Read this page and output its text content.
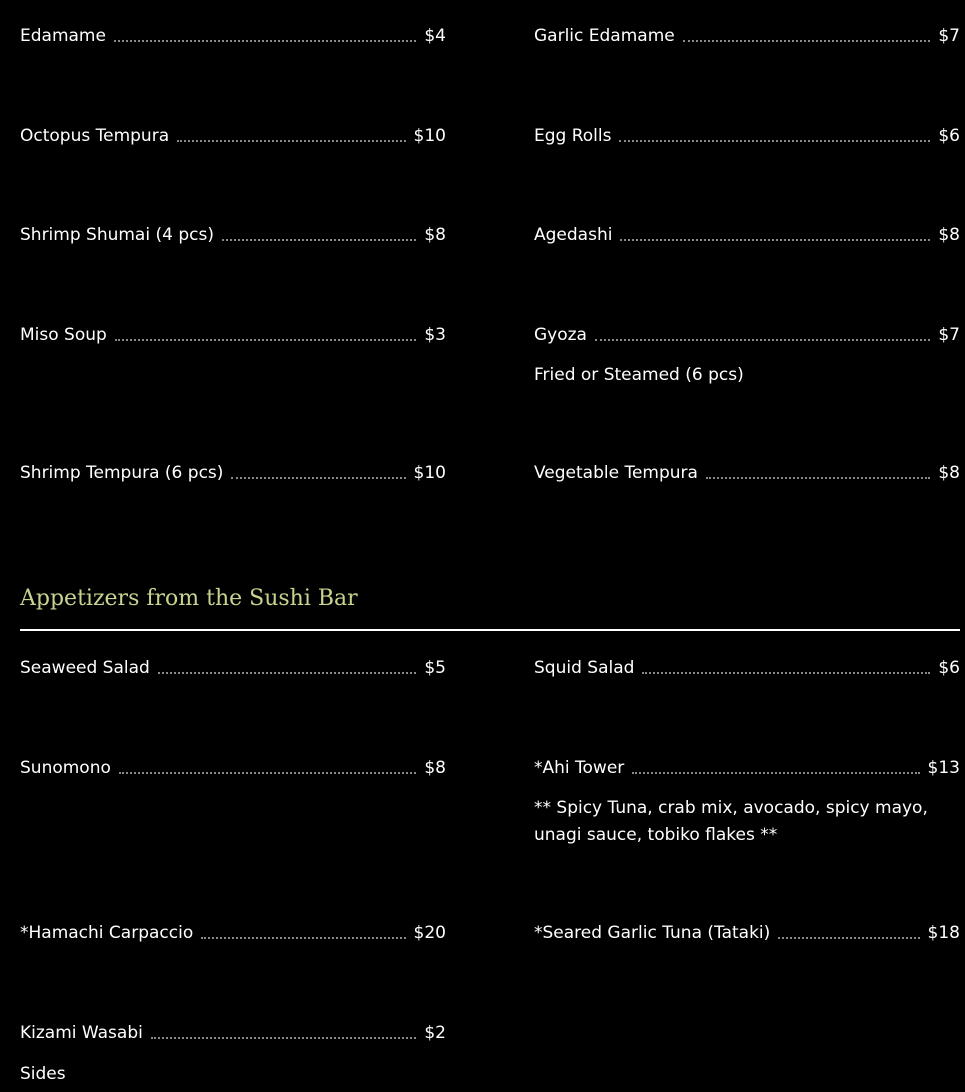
Edamame	$4	Garlic Edamame	$7
Octopus Tempura	$10	Egg Rolls	$6
Shrimp Shumai (4 pcs)	$8	Agedashi	$8
Miso Soup	$3	Gyoza	$7
Fried or Steamed (6 pcs)
Shrimp Tempura (6 pcs)	$10	Vegetable Tempura	$8
Appetizers from the Sushi Bar
Seaweed Salad	$5	Squid Salad	$6
Sunomono	$8	*Ahi Tower	$13
** Spicy Tuna, crab mix, avocado, spicy mayo, unagi sauce, tobiko flakes **
*Hamachi Carpaccio	$20	*Seared Garlic Tuna (Tataki)	$18
Kizami Wasabi	$2
Sides
